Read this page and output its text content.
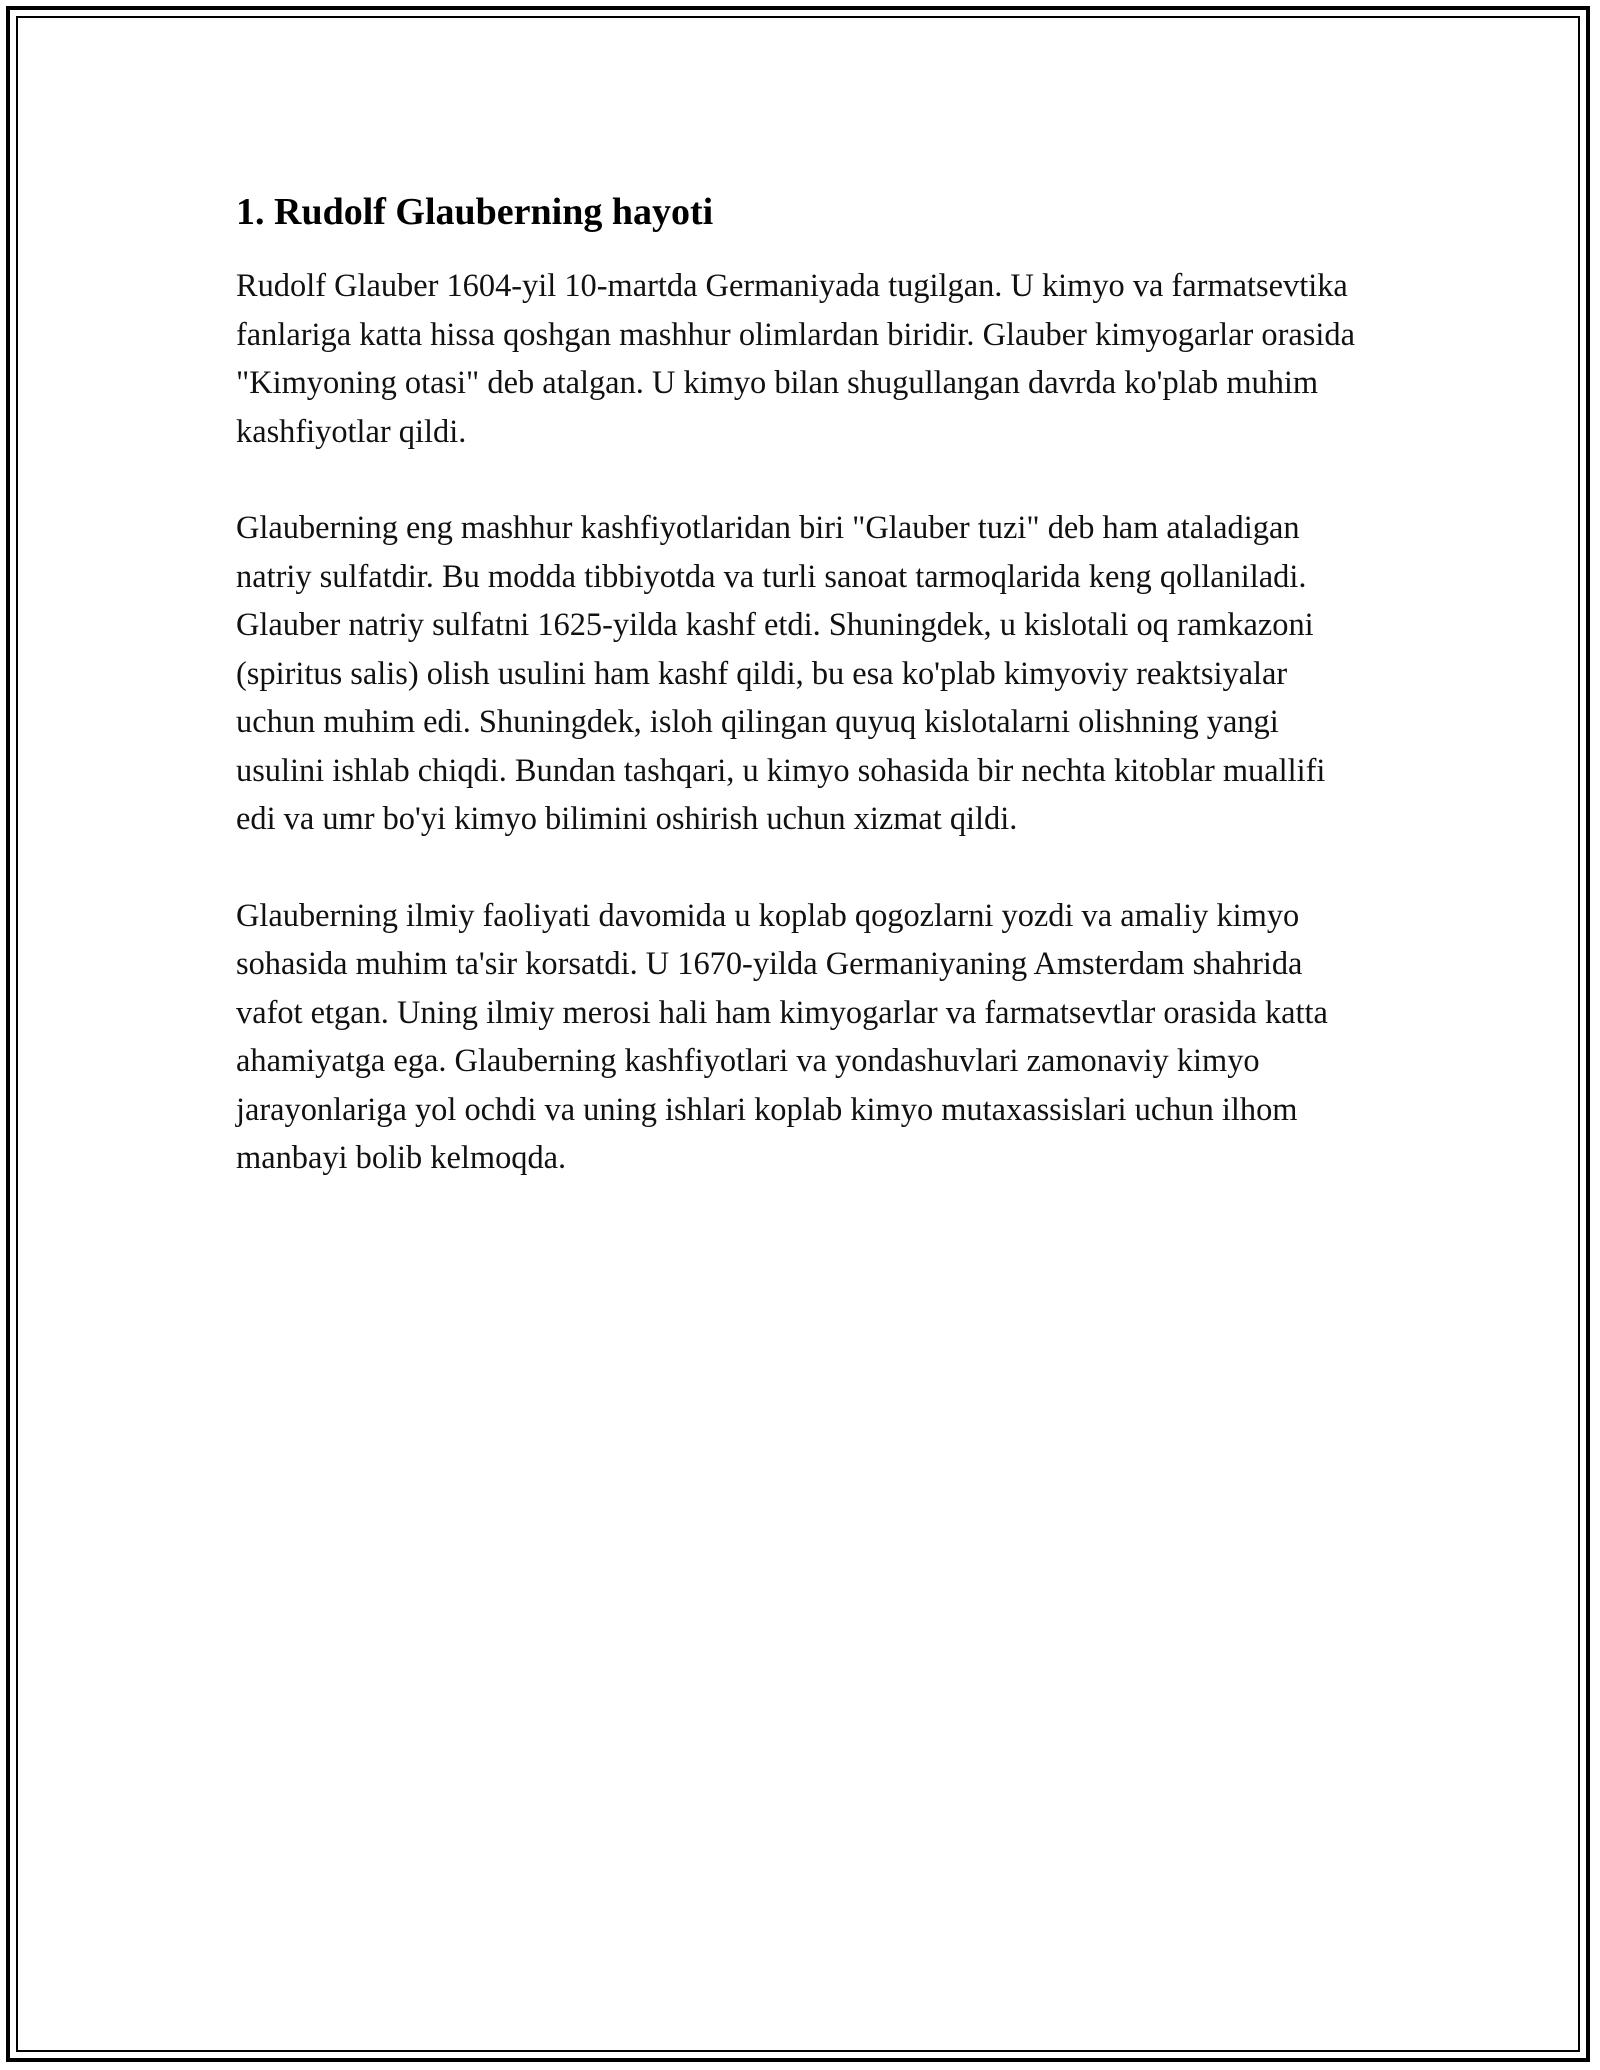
1. Rudolf Glauberning hayoti

Rudolf Glauber 1604-yil 10-martda Germaniyada tugilgan. U kimyo va farmatsevtika fanlariga katta hissa qoshgan mashhur olimlardan biridir. Glauber kimyogarlar orasida "Kimyoning otasi" deb atalgan. U kimyo bilan shugullangan davrda ko'plab muhim kashfiyotlar qildi.

Glauberning eng mashhur kashfiyotlaridan biri "Glauber tuzi" deb ham ataladigan natriy sulfatdir. Bu modda tibbiyotda va turli sanoat tarmoqlarida keng qollaniladi. Glauber natriy sulfatni 1625-yilda kashf etdi. Shuningdek, u kislotali oq ramkazoni (spiritus salis) olish usulini ham kashf qildi, bu esa ko'plab kimyoviy reaktsiyalar uchun muhim edi. Shuningdek, isloh qilingan quyuq kislotalarni olishning yangi usulini ishlab chiqdi. Bundan tashqari, u kimyo sohasida bir nechta kitoblar muallifi edi va umr bo'yi kimyo bilimini oshirish uchun xizmat qildi.

Glauberning ilmiy faoliyati davomida u koplab qogozlarni yozdi va amaliy kimyo sohasida muhim ta'sir korsatdi. U 1670-yilda Germaniyaning Amsterdam shahrida vafot etgan. Uning ilmiy merosi hali ham kimyogarlar va farmatsevtlar orasida katta ahamiyatga ega. Glauberning kashfiyotlari va yondashuvlari zamonaviy kimyo jarayonlariga yol ochdi va uning ishlari koplab kimyo mutaxassislari uchun ilhom manbayi bolib kelmoqda.
